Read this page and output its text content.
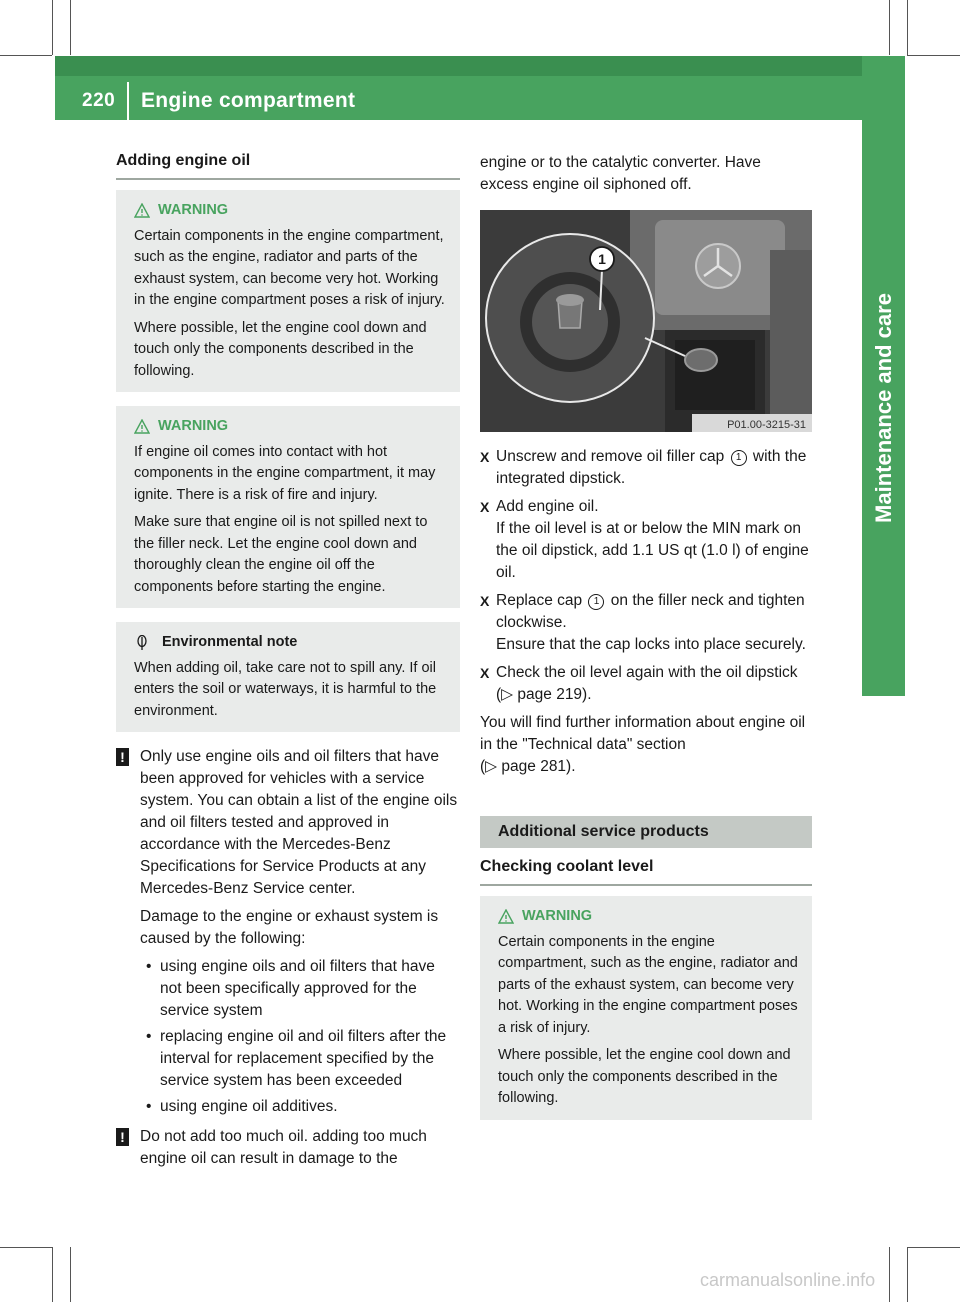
220 Engine compartment
Maintenance and care
Adding engine oil
WARNING

Certain components in the engine compartment, such as the engine, radiator and parts of the exhaust system, can become very hot. Working in the engine compartment poses a risk of injury.

Where possible, let the engine cool down and touch only the components described in the following.

WARNING

If engine oil comes into contact with hot components in the engine compartment, it may ignite. There is a risk of fire and injury.

Make sure that engine oil is not spilled next to the filler neck. Let the engine cool down and thoroughly clean the engine oil off the components before starting the engine.

Environmental note

When adding oil, take care not to spill any. If oil enters the soil or waterways, it is harmful to the environment.

! Only use engine oils and oil filters that have been approved for vehicles with a service system. You can obtain a list of the engine oils and oil filters tested and approved in accordance with the Mercedes-Benz Specifications for Service Products at any Mercedes-Benz Service center.

Damage to the engine or exhaust system is caused by the following:

• using engine oils and oil filters that have not been specifically approved for the service system
• replacing engine oil and oil filters after the interval for replacement specified by the service system has been exceeded
• using engine oil additives.
! Do not add too much oil. adding too much engine oil can result in damage to the

engine or to the catalytic converter. Have excess engine oil siphoned off.

1
P01.00-3215-31
X Unscrew and remove oil filler cap 1 with the integrated dipstick.
X Add engine oil.
If the oil level is at or below the MIN mark on the oil dipstick, add 1.1 US qt (1.0 l) of engine oil.
X Replace cap 1 on the filler neck and tighten clockwise.
Ensure that the cap locks into place securely.
X Check the oil level again with the oil dipstick (▷ page 219).

You will find further information about engine oil in the "Technical data" section
(▷ page 281).

Additional service products
Checking coolant level
WARNING

Certain components in the engine compartment, such as the engine, radiator and parts of the exhaust system, can become very hot. Working in the engine compartment poses a risk of injury.

Where possible, let the engine cool down and touch only the components described in the following.

carmanualsonline.info
